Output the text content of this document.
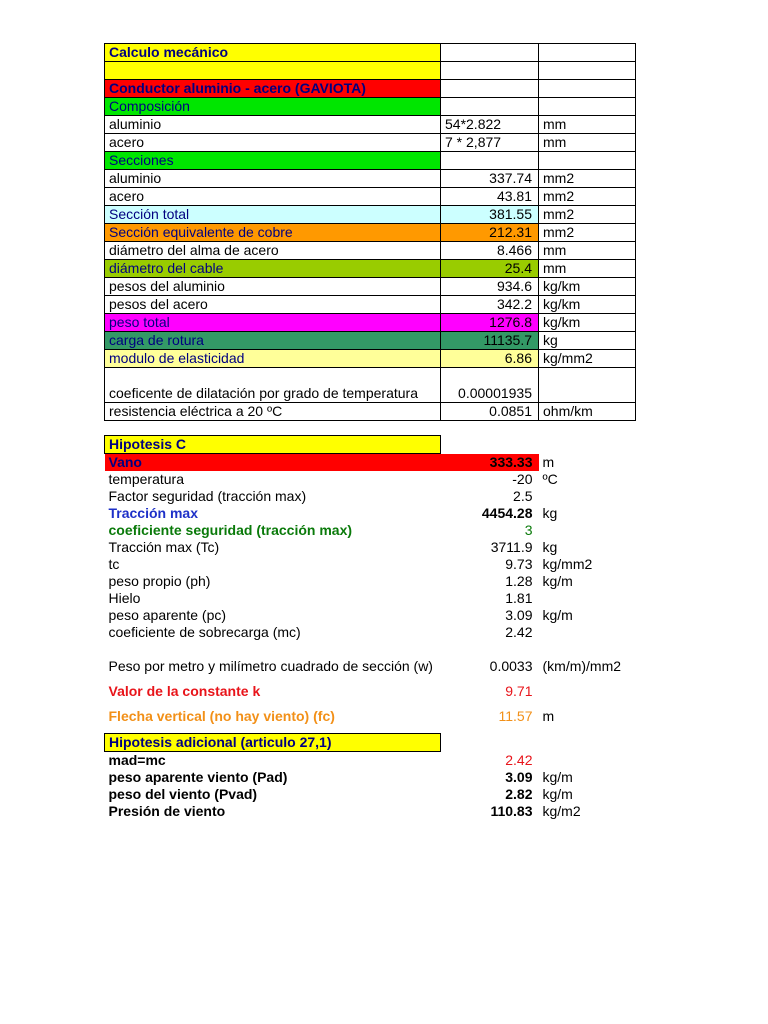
Calculo mecánico		

Conductor aluminio - acero (GAVIOTA)		
Composición		
aluminio	54*2.822	mm
acero	7 * 2,877	mm
Secciones		
aluminio	337.74	mm2
acero	43.81	mm2
Sección total	381.55	mm2
Sección equivalente de cobre	212.31	mm2
diámetro del alma de acero	8.466	mm
diámetro del cable	25.4	mm
pesos del aluminio	934.6	kg/km
pesos del acero	342.2	kg/km
peso total	1276.8	kg/km
carga de rotura	11135.7	kg
modulo de elasticidad	6.86	kg/mm2
coeficente de dilatación por grado de temperatura	0.00001935	
resistencia eléctrica a 20 ºC	0.0851	ohm/km

Hipotesis C		
Vano	333.33	m
temperatura	-20	ºC
Factor seguridad (tracción max)	2.5	
Tracción max	4454.28	kg
coeficiente seguridad (tracción max)	3	
Tracción max (Tc)	3711.9	kg
tc	9.73	kg/mm2
peso propio (ph)	1.28	kg/m
Hielo	1.81	
peso aparente (pc)	3.09	kg/m
coeficiente de sobrecarga (mc)	2.42	
Peso por metro y milímetro cuadrado de sección (w)	0.0033	(km/m)/mm2

Valor de la constante k	9.71	

Flecha vertical (no hay viento) (fc)	11.57	m

Hipotesis adicional (articulo 27,1)		
mad=mc	2.42	
peso aparente viento (Pad)	3.09	kg/m
peso del viento (Pvad)	2.82	kg/m
Presión de viento	110.83	kg/m2
